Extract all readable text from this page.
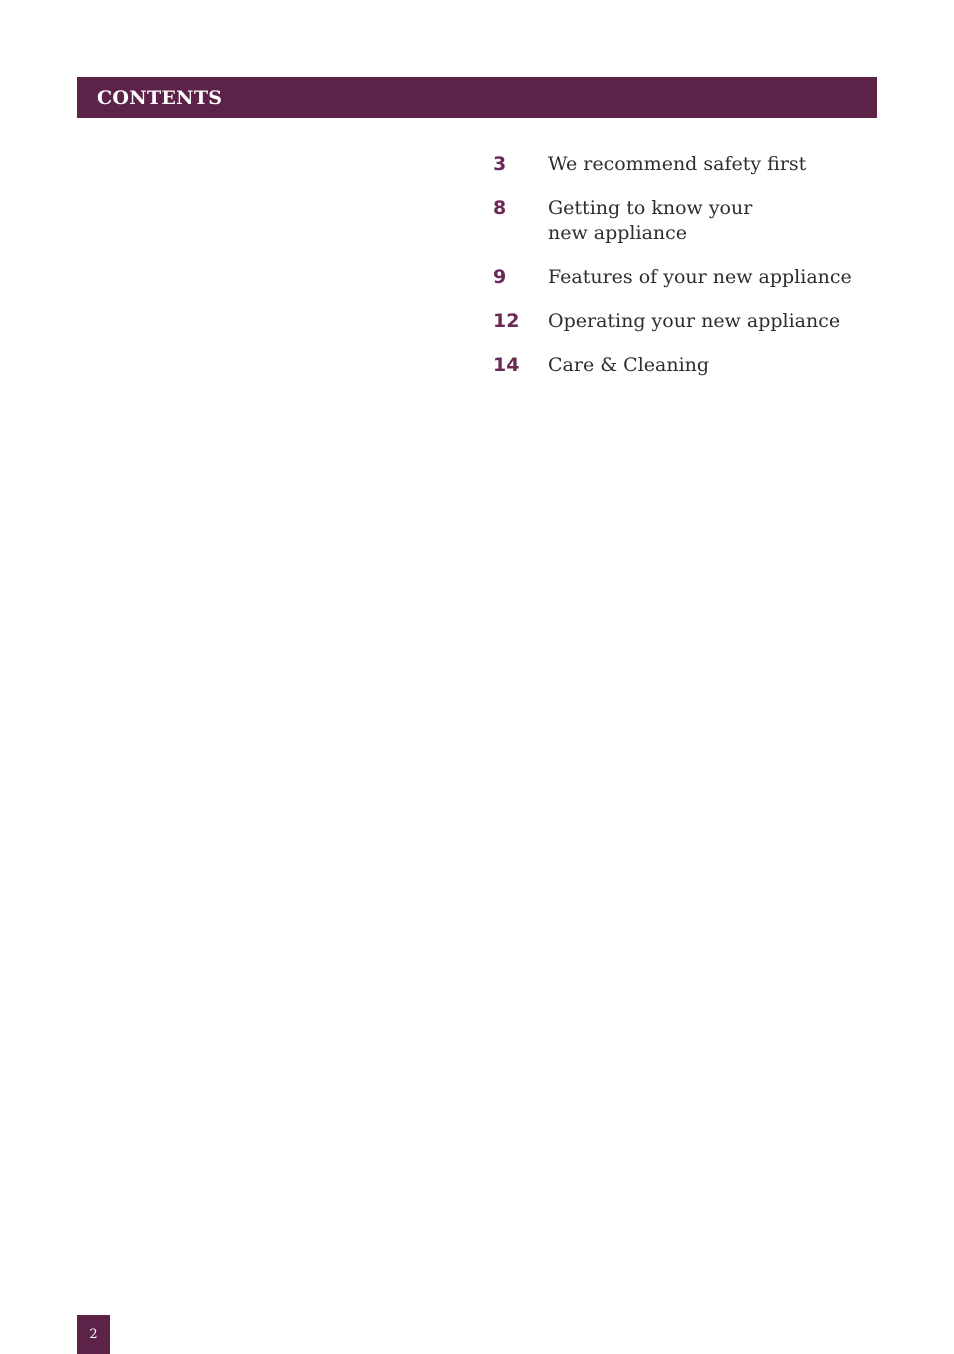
CONTENTS
3	We recommend safety first
8	Getting to know your
new appliance
9	Features of your new appliance
12	Operating your new appliance
14	Care & Cleaning
2
